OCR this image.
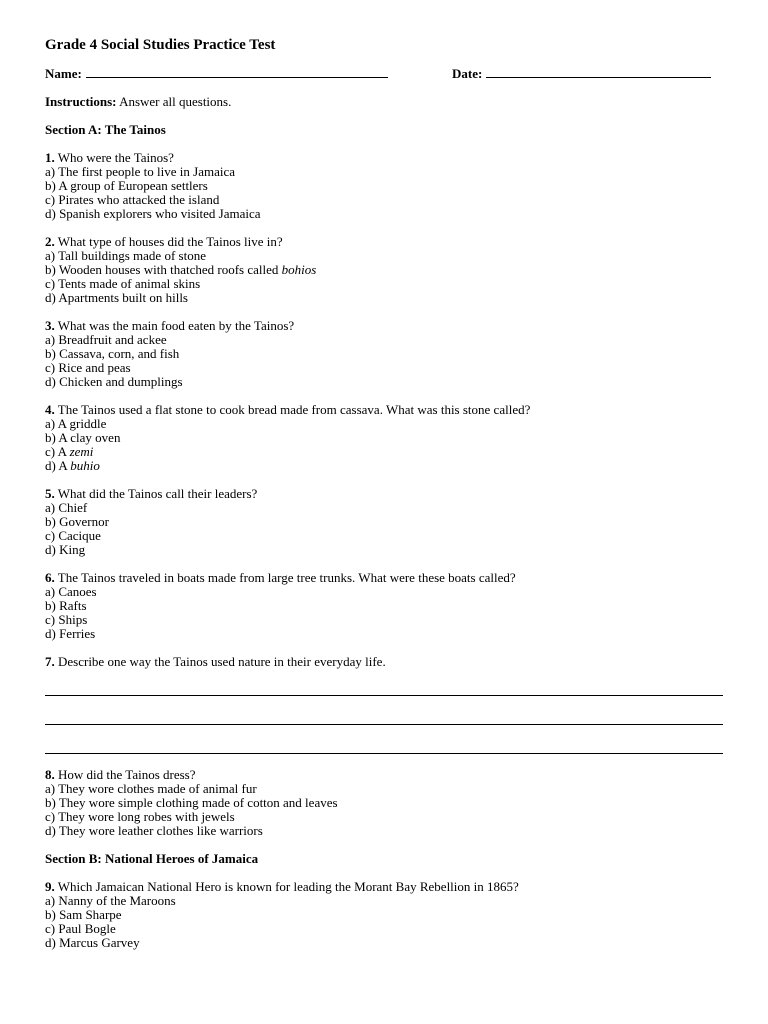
Grade 4 Social Studies Practice Test
Name:	Date:
Instructions: Answer all questions.
Section A: The Tainos
1. Who were the Tainos?
a) The first people to live in Jamaica
b) A group of European settlers
c) Pirates who attacked the island
d) Spanish explorers who visited Jamaica
2. What type of houses did the Tainos live in?
a) Tall buildings made of stone
b) Wooden houses with thatched roofs called bohios
c) Tents made of animal skins
d) Apartments built on hills
3. What was the main food eaten by the Tainos?
a) Breadfruit and ackee
b) Cassava, corn, and fish
c) Rice and peas
d) Chicken and dumplings
4. The Tainos used a flat stone to cook bread made from cassava. What was this stone called?
a) A griddle
b) A clay oven
c) A zemi
d) A buhio
5. What did the Tainos call their leaders?
a) Chief
b) Governor
c) Cacique
d) King
6. The Tainos traveled in boats made from large tree trunks. What were these boats called?
a) Canoes
b) Rafts
c) Ships
d) Ferries
7. Describe one way the Tainos used nature in their everyday life.
8. How did the Tainos dress?
a) They wore clothes made of animal fur
b) They wore simple clothing made of cotton and leaves
c) They wore long robes with jewels
d) They wore leather clothes like warriors
Section B: National Heroes of Jamaica
9. Which Jamaican National Hero is known for leading the Morant Bay Rebellion in 1865?
a) Nanny of the Maroons
b) Sam Sharpe
c) Paul Bogle
d) Marcus Garvey
